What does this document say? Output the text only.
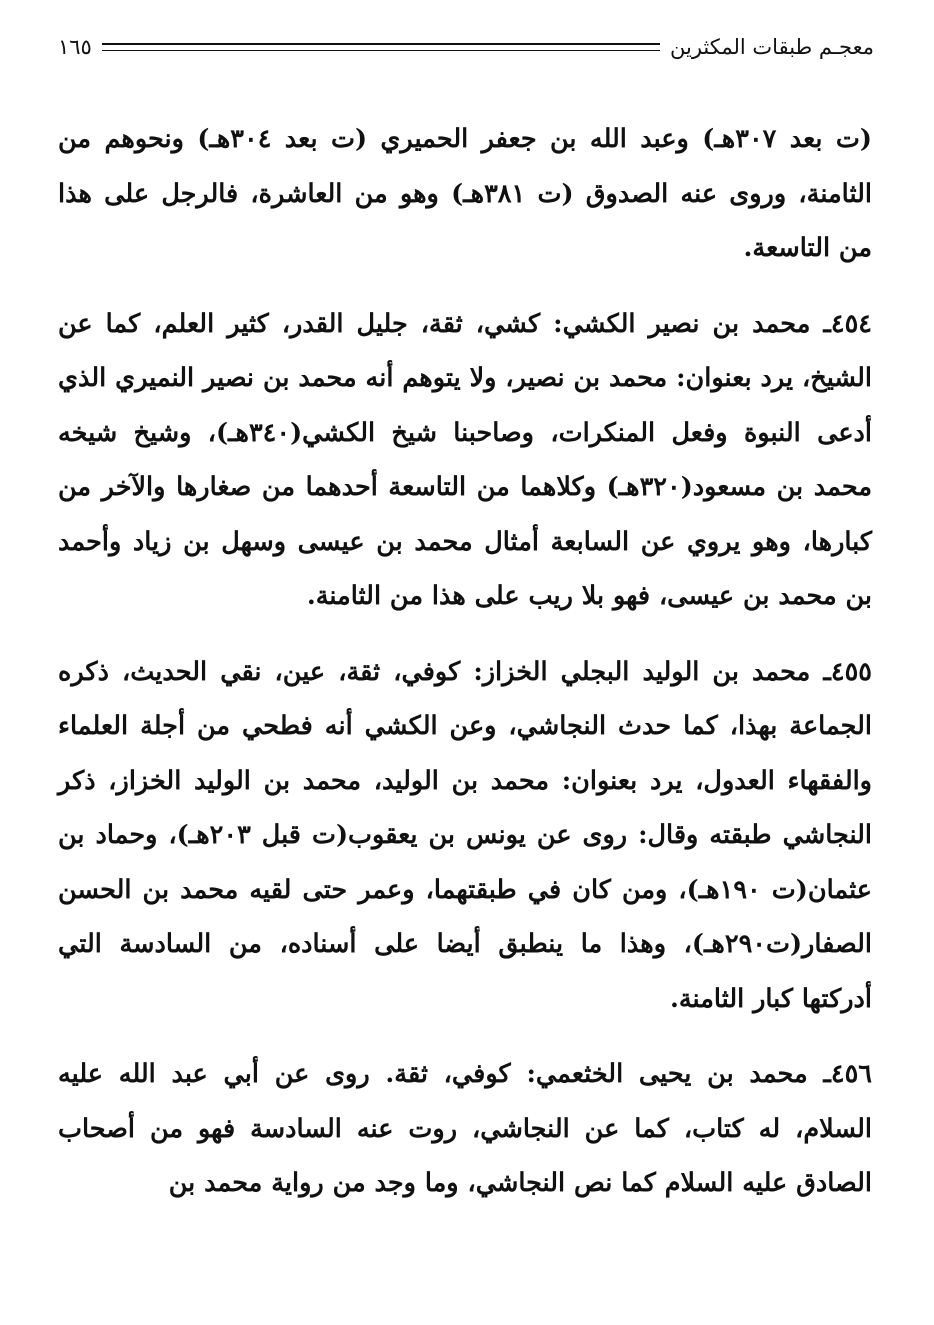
معجـم طبقات المكثرين
١٦٥

(ت بعد ٣٠٧هـ) وعبد الله بن جعفر الحميري (ت بعد ٣٠٤هـ) ونحوهم من الثامنة، وروى عنه الصدوق (ت ٣٨١هـ) وهو من العاشرة، فالرجل على هذا من التاسعة.

٤٥٤ـ محمد بن نصير الكشي: كشي، ثقة، جليل القدر، كثير العلم، كما عن الشيخ، يرد بعنوان: محمد بن نصير، ولا يتوهم أنه محمد بن نصير النميري الذي أدعى النبوة وفعل المنكرات، وصاحبنا شيخ الكشي(٣٤٠هـ)، وشيخ شيخه محمد بن مسعود(٣٢٠هـ) وكلاهما من التاسعة أحدهما من صغارها والآخر من كبارها، وهو يروي عن السابعة أمثال محمد بن عيسى وسهل بن زياد وأحمد بن محمد بن عيسى، فهو بلا ريب على هذا من الثامنة.

٤٥٥ـ محمد بن الوليد البجلي الخزاز: كوفي، ثقة، عين، نقي الحديث، ذكره الجماعة بهذا، كما حدث النجاشي، وعن الكشي أنه فطحي من أجلة العلماء والفقهاء العدول، يرد بعنوان: محمد بن الوليد، محمد بن الوليد الخزاز، ذكر النجاشي طبقته وقال: روى عن يونس بن يعقوب(ت قبل ٢٠٣هـ)، وحماد بن عثمان(ت ١٩٠هـ)، ومن كان في طبقتهما، وعمر حتى لقيه محمد بن الحسن الصفار(ت٢٩٠هـ)، وهذا ما ينطبق أيضا على أسناده، من السادسة التي أدركتها كبار الثامنة.

٤٥٦ـ محمد بن يحيى الخثعمي: كوفي، ثقة. روى عن أبي عبد الله عليه السلام، له كتاب، كما عن النجاشي، روت عنه السادسة فهو من أصحاب الصادق عليه السلام كما نص النجاشي، وما وجد من رواية محمد بن
